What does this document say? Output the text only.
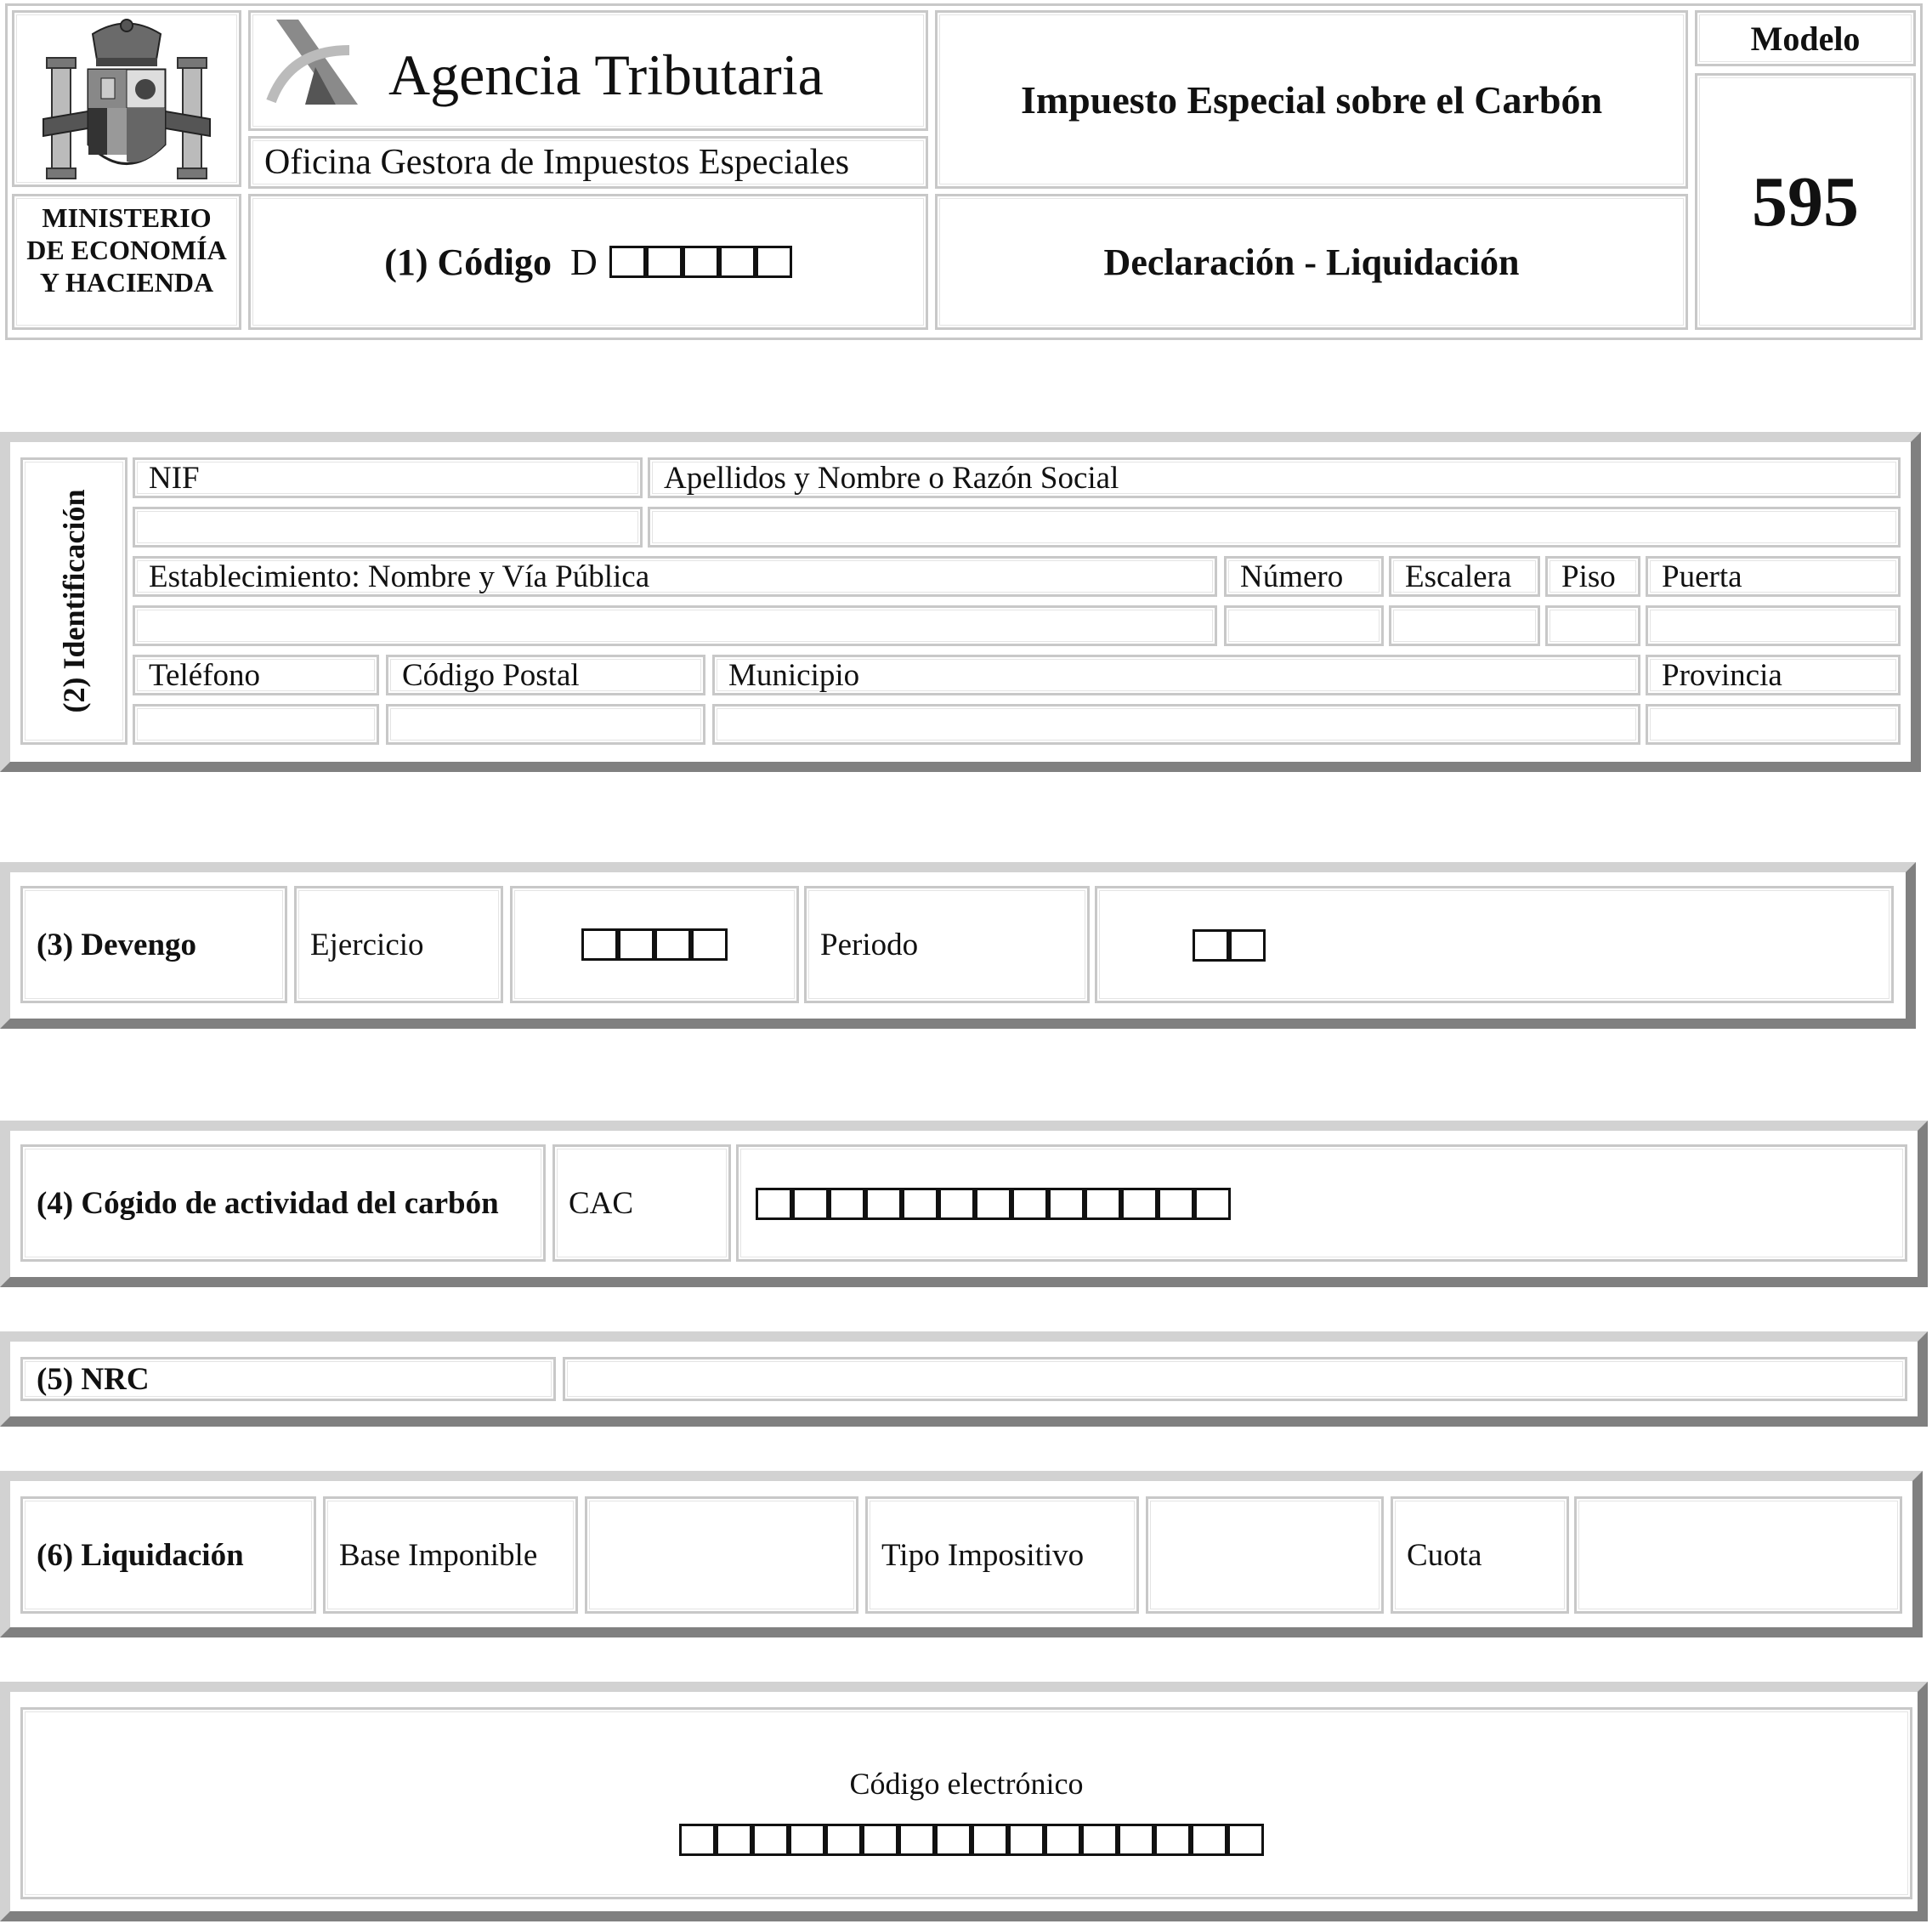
MINISTERIO DE ECONOMÍA Y HACIENDA
Agencia Tributaria
Oficina Gestora de Impuestos Especiales
(1) Código D
Impuesto Especial sobre el Carbón
Declaración - Liquidación
Modelo
595
(2) Identificación
NIF	Apellidos y Nombre o Razón Social
Establecimiento: Nombre y Vía Pública	Número	Escalera	Piso	Puerta
Teléfono	Código Postal	Municipio	Provincia
(3) Devengo	Ejercicio	Periodo
(4) Cógido de actividad del carbón	CAC
(5) NRC
(6) Liquidación	Base Imponible	Tipo Impositivo	Cuota
Código electrónico
